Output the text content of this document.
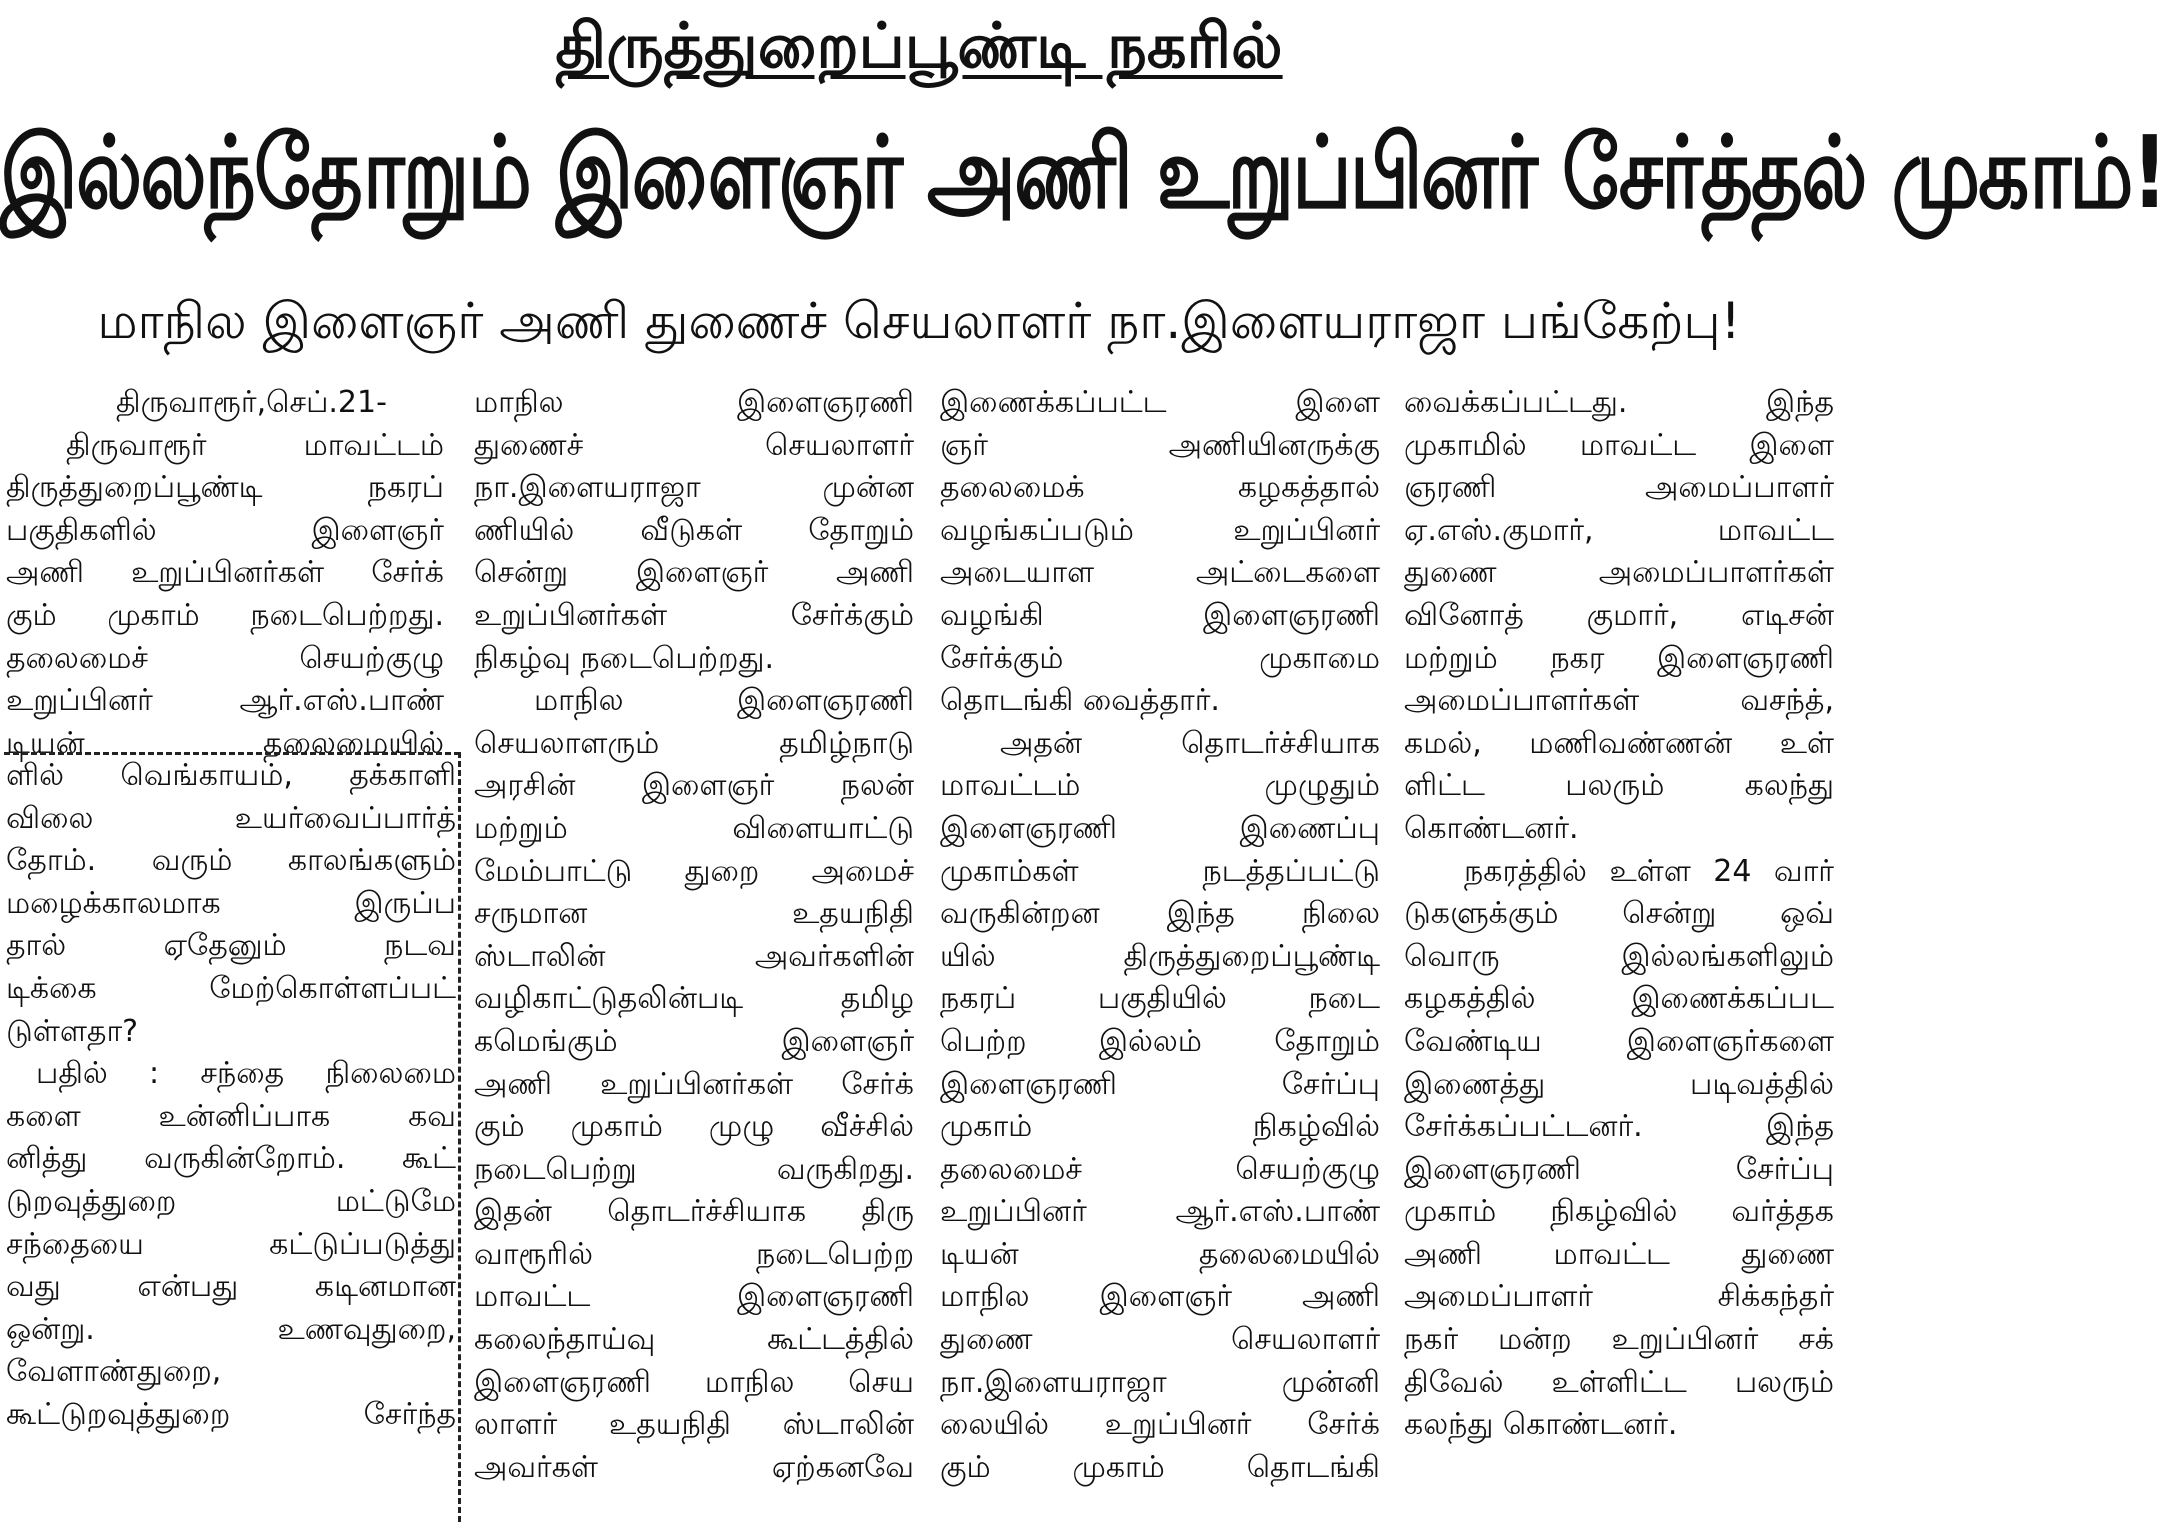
திருத்துறைப்பூண்டி நகரில்
இல்லந்தோறும் இளைஞர் அணி உறுப்பினர் சேர்த்தல் முகாம்!
மாநில இளைஞர் அணி துணைச் செயலாளர் நா.இளையராஜா பங்கேற்பு!

திருவாரூர்,செப்.21-

திருவாரூர் மாவட்டம்

திருத்துறைப்பூண்டி நகரப்

பகுதிகளில் இளைஞர்

அணி உறுப்பினர்கள் சேர்க்

கும் முகாம் நடைபெற்றது.

தலைமைச் செயற்குழு

உறுப்பினர் ஆர்.எஸ்.பாண்

டியன் தலைமையில்

ளில் வெங்காயம், தக்காளி

விலை உயர்வைப்பார்த்

தோம். வரும் காலங்களும்

மழைக்காலமாக இருப்ப

தால் ஏதேனும் நடவ

டிக்கை மேற்கொள்ளப்பட்

டுள்ளதா?

பதில் : சந்தை நிலைமை

களை உன்னிப்பாக கவ

னித்து வருகின்றோம். கூட்

டுறவுத்துறை மட்டுமே

சந்தையை கட்டுப்படுத்து

வது என்பது கடினமான

ஒன்று. உணவுதுறை,

வேளாண்துறை,

கூட்டுறவுத்துறை சேர்ந்த

மாநில இளைஞரணி

துணைச் செயலாளர்

நா.இளையராஜா முன்ன

ணியில் வீடுகள் தோறும்

சென்று இளைஞர் அணி

உறுப்பினர்கள் சேர்க்கும்

நிகழ்வு நடைபெற்றது.

மாநில இளைஞரணி

செயலாளரும் தமிழ்நாடு

அரசின் இளைஞர் நலன்

மற்றும் விளையாட்டு

மேம்பாட்டு துறை அமைச்

சருமான உதயநிதி

ஸ்டாலின் அவர்களின்

வழிகாட்டுதலின்படி தமிழ

கமெங்கும் இளைஞர்

அணி உறுப்பினர்கள் சேர்க்

கும் முகாம் முழு வீச்சில்

நடைபெற்று வருகிறது.

இதன் தொடர்ச்சியாக திரு

வாரூரில் நடைபெற்ற

மாவட்ட இளைஞரணி

கலைந்தாய்வு கூட்டத்தில்

இளைஞரணி மாநில செய

லாளர் உதயநிதி ஸ்டாலின்

அவர்கள் ஏற்கனவே

இணைக்கப்பட்ட இளை

ஞர் அணியினருக்கு

தலைமைக் கழகத்தால்

வழங்கப்படும் உறுப்பினர்

அடையாள அட்டைகளை

வழங்கி இளைஞரணி

சேர்க்கும் முகாமை

தொடங்கி வைத்தார்.

அதன் தொடர்ச்சியாக

மாவட்டம் முழுதும்

இளைஞரணி இணைப்பு

முகாம்கள் நடத்தப்பட்டு

வருகின்றன இந்த நிலை

யில் திருத்துறைப்பூண்டி

நகரப் பகுதியில் நடை

பெற்ற இல்லம் தோறும்

இளைஞரணி சேர்ப்பு

முகாம் நிகழ்வில்

தலைமைச் செயற்குழு

உறுப்பினர் ஆர்.எஸ்.பாண்

டியன் தலைமையில்

மாநில இளைஞர் அணி

துணை செயலாளர்

நா.இளையராஜா முன்னி

லையில் உறுப்பினர் சேர்க்

கும் முகாம் தொடங்கி

வைக்கப்பட்டது. இந்த

முகாமில் மாவட்ட இளை

ஞரணி அமைப்பாளர்

ஏ.எஸ்.குமார், மாவட்ட

துணை அமைப்பாளர்கள்

வினோத் குமார், எடிசன்

மற்றும் நகர இளைஞரணி

அமைப்பாளர்கள் வசந்த்,

கமல், மணிவண்ணன் உள்

ளிட்ட பலரும் கலந்து

கொண்டனர்.

நகரத்தில் உள்ள 24 வார்

டுகளுக்கும் சென்று ஒவ்

வொரு இல்லங்களிலும்

கழகத்தில் இணைக்கப்பட

வேண்டிய இளைஞர்களை

இணைத்து படிவத்தில்

சேர்க்கப்பட்டனர். இந்த

இளைஞரணி சேர்ப்பு

முகாம் நிகழ்வில் வர்த்தக

அணி மாவட்ட துணை

அமைப்பாளர் சிக்கந்தர்

நகர் மன்ற உறுப்பினர் சக்

திவேல் உள்ளிட்ட பலரும்

கலந்து கொண்டனர்.
